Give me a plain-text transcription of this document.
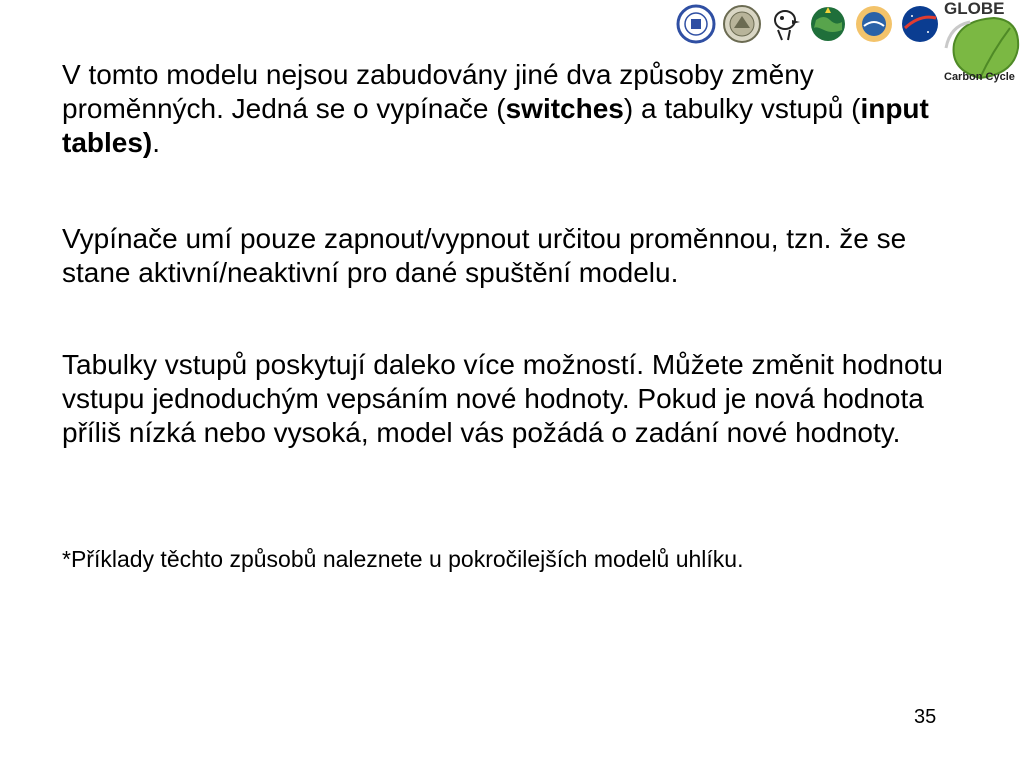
GLOBE
Carbon Cycle

V tomto modelu nejsou zabudovány jiné dva způsoby změny proměnných. Jedná se o vypínače (switches) a tabulky vstupů (input tables).

Vypínače umí pouze zapnout/vypnout určitou proměnnou, tzn. že se stane aktivní/neaktivní pro dané spuštění modelu.

Tabulky vstupů poskytují daleko více možností. Můžete změnit hodnotu vstupu jednoduchým vepsáním nové hodnoty. Pokud je nová hodnota příliš nízká nebo vysoká, model vás požádá o zadání nové hodnoty.

*Příklady těchto způsobů naleznete u pokročilejších modelů uhlíku.

35
